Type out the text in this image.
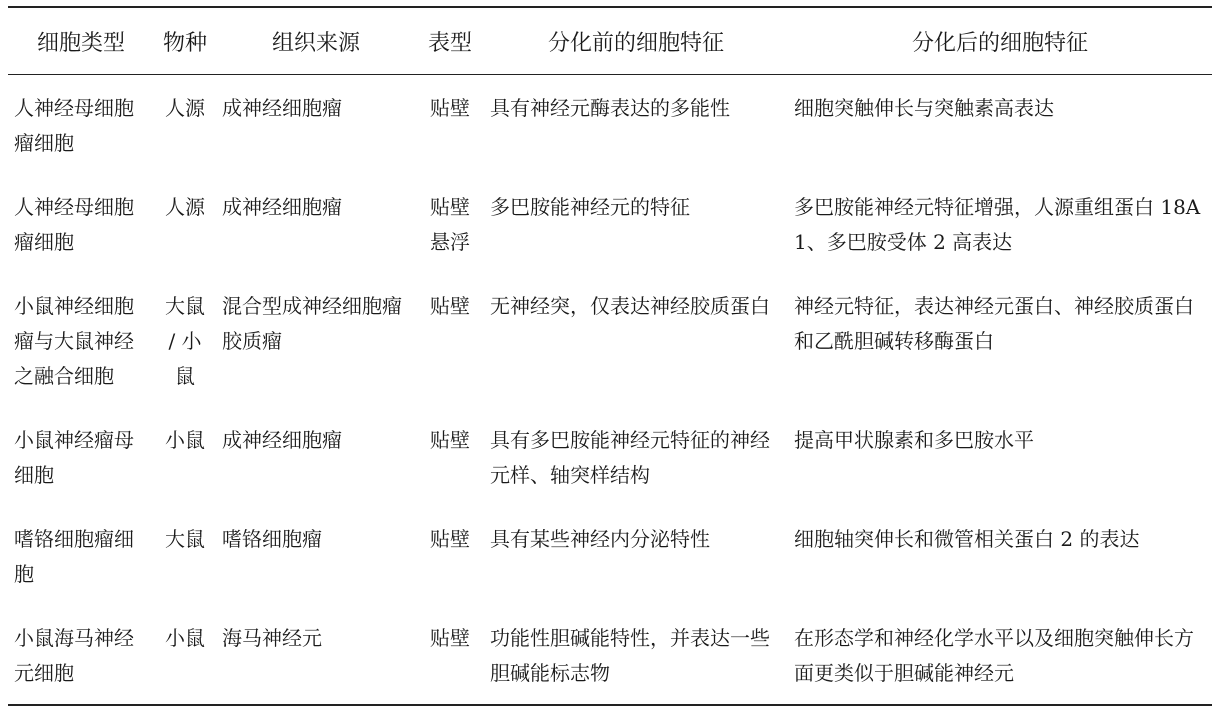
细胞类型	物种	组织来源	表型	分化前的细胞特征	分化后的细胞特征
人神经母细胞瘤细胞	人源	成神经细胞瘤	贴壁	具有神经元酶表达的多能性	细胞突触伸长与突触素高表达
人神经母细胞瘤细胞	人源	成神经细胞瘤	贴壁悬浮	多巴胺能神经元的特征	多巴胺能神经元特征增强，人源重组蛋白 18A1、多巴胺受体 2 高表达
小鼠神经细胞瘤与大鼠神经之融合细胞	大鼠 / 小鼠	混合型成神经细胞瘤胶质瘤	贴壁	无神经突，仅表达神经胶质蛋白	神经元特征，表达神经元蛋白、神经胶质蛋白和乙酰胆碱转移酶蛋白
小鼠神经瘤母细胞	小鼠	成神经细胞瘤	贴壁	具有多巴胺能神经元特征的神经元样、轴突样结构	提高甲状腺素和多巴胺水平
嗜铬细胞瘤细胞	大鼠	嗜铬细胞瘤	贴壁	具有某些神经内分泌特性	细胞轴突伸长和微管相关蛋白 2 的表达
小鼠海马神经元细胞	小鼠	海马神经元	贴壁	功能性胆碱能特性，并表达一些胆碱能标志物	在形态学和神经化学水平以及细胞突触伸长方面更类似于胆碱能神经元
